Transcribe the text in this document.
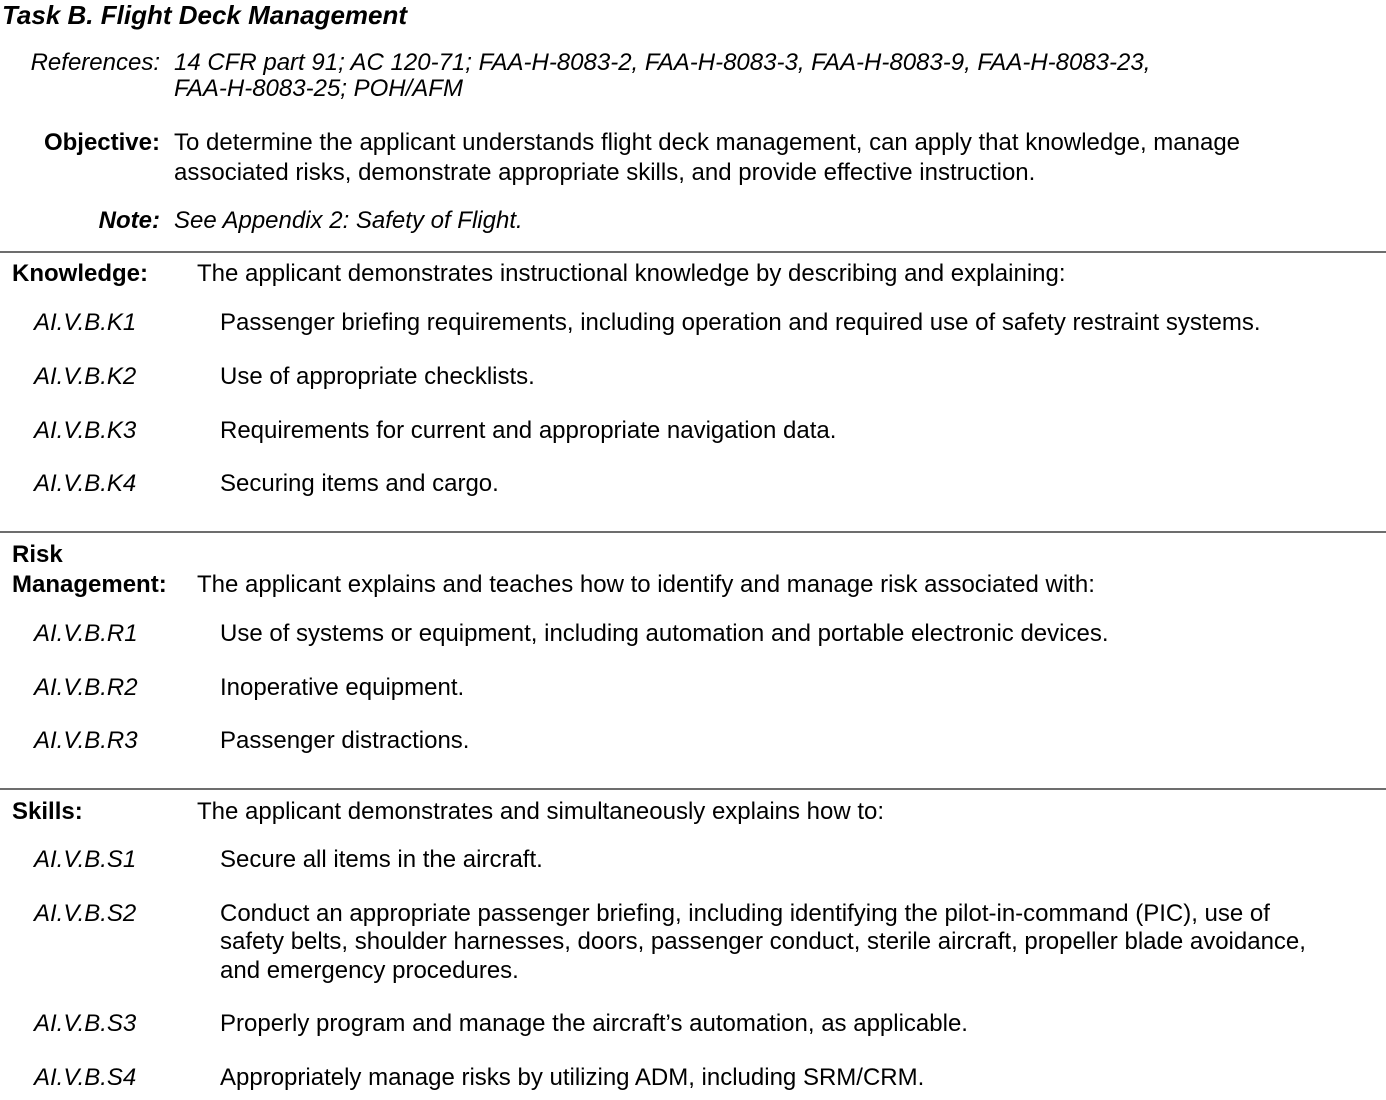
Task B. Flight Deck Management
References: 14 CFR part 91; AC 120-71; FAA-H-8083-2, FAA-H-8083-3, FAA-H-8083-9, FAA-H-8083-23,
FAA-H-8083-25; POH/AFM
Objective: To determine the applicant understands flight deck management, can apply that knowledge, manage
associated risks, demonstrate appropriate skills, and provide effective instruction.
Note: See Appendix 2: Safety of Flight.
Knowledge: The applicant demonstrates instructional knowledge by describing and explaining:
AI.V.B.K1	Passenger briefing requirements, including operation and required use of safety restraint systems.
AI.V.B.K2	Use of appropriate checklists.
AI.V.B.K3	Requirements for current and appropriate navigation data.
AI.V.B.K4	Securing items and cargo.
Risk
Management: The applicant explains and teaches how to identify and manage risk associated with:
AI.V.B.R1	Use of systems or equipment, including automation and portable electronic devices.
AI.V.B.R2	Inoperative equipment.
AI.V.B.R3	Passenger distractions.
Skills:	The applicant demonstrates and simultaneously explains how to:
AI.V.B.S1	Secure all items in the aircraft.
AI.V.B.S2	Conduct an appropriate passenger briefing, including identifying the pilot-in-command (PIC), use of
safety belts, shoulder harnesses, doors, passenger conduct, sterile aircraft, propeller blade avoidance,
and emergency procedures.
AI.V.B.S3	Properly program and manage the aircraft’s automation, as applicable.
AI.V.B.S4	Appropriately manage risks by utilizing ADM, including SRM/CRM.
